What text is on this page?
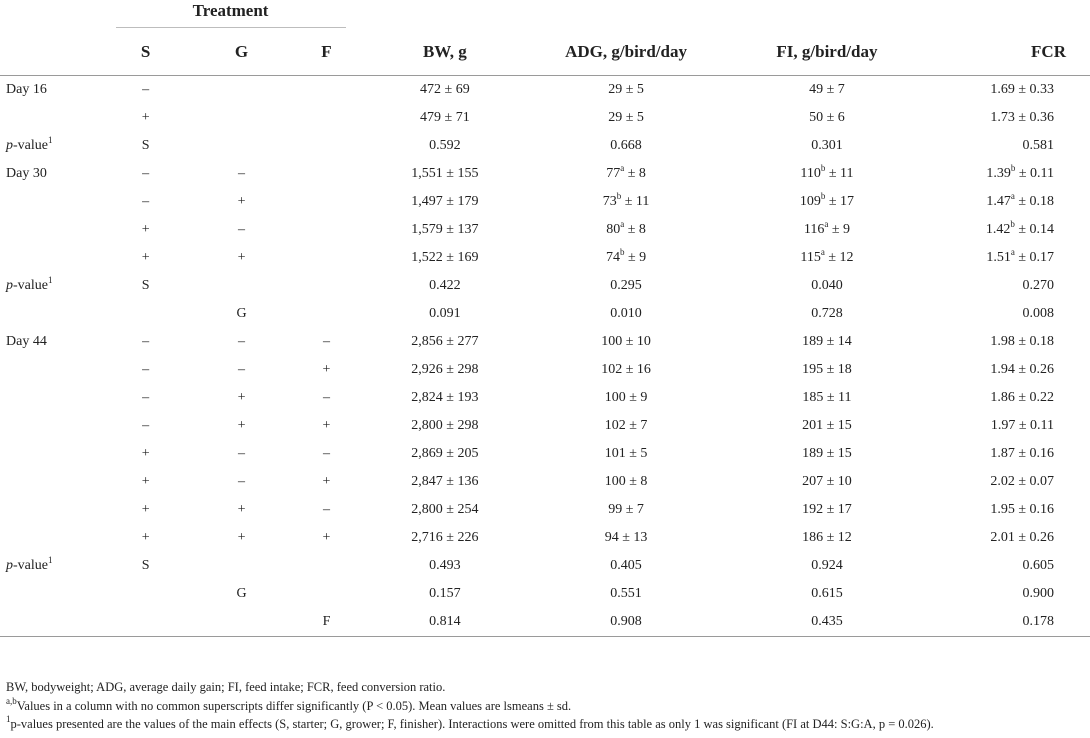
	Treatment						
	S	G	F	BW, g	ADG, g/bird/day	FI, g/bird/day	FCR
Day 16	–			472 ± 69	29 ± 5	49 ± 7	1.69 ± 0.33
	+			479 ± 71	29 ± 5	50 ± 6	1.73 ± 0.36
p-value$^1$	S			0.592	0.668	0.301	0.581
Day 30	–	–		1,551 ± 155	$77^a \pm 8$	$110^b \pm 11$	1.39$^b$ ± 0.11
	–	+		1,497 ± 179	$73^b \pm 11$	$109^b \pm 17$	1.47$^a$ ± 0.18
	+	–		1,579 ± 137	$80^a \pm 8$	$116^a \pm 9$	1.42$^b$ ± 0.14
	+	+		1,522 ± 169	$74^b \pm 9$	$115^a \pm 12$	1.51$^a$ ± 0.17
p-value$^1$	S			0.422	0.295	0.040	0.270
		G		0.091	0.010	0.728	0.008
Day 44	–	–	–	2,856 ± 277	100 ± 10	189 ± 14	1.98 ± 0.18
	–	–	+	2,926 ± 298	102 ± 16	195 ± 18	1.94 ± 0.26
	–	+	–	2,824 ± 193	100 ± 9	185 ± 11	1.86 ± 0.22
	–	+	+	2,800 ± 298	102 ± 7	201 ± 15	1.97 ± 0.11
	+	–	–	2,869 ± 205	101 ± 5	189 ± 15	1.87 ± 0.16
	+	–	+	2,847 ± 136	100 ± 8	207 ± 10	2.02 ± 0.07
	+	+	–	2,800 ± 254	99 ± 7	192 ± 17	1.95 ± 0.16
	+	+	+	2,716 ± 226	94 ± 13	186 ± 12	2.01 ± 0.26
p-value$^1$	S			0.493	0.405	0.924	0.605
		G		0.157	0.551	0.615	0.900
			F	0.814	0.908	0.435	0.178
BW, bodyweight; ADG, average daily gain; FI, feed intake; FCR, feed conversion ratio.
$^{a,b}$Values in a column with no common superscripts differ significantly (P < 0.05). Mean values are lsmeans ± sd.
$^1$p-values presented are the values of the main effects (S, starter; G, grower; F, finisher). Interactions were omitted from this table as only 1 was significant (FI at D44: S:G:A, p = 0.026).
